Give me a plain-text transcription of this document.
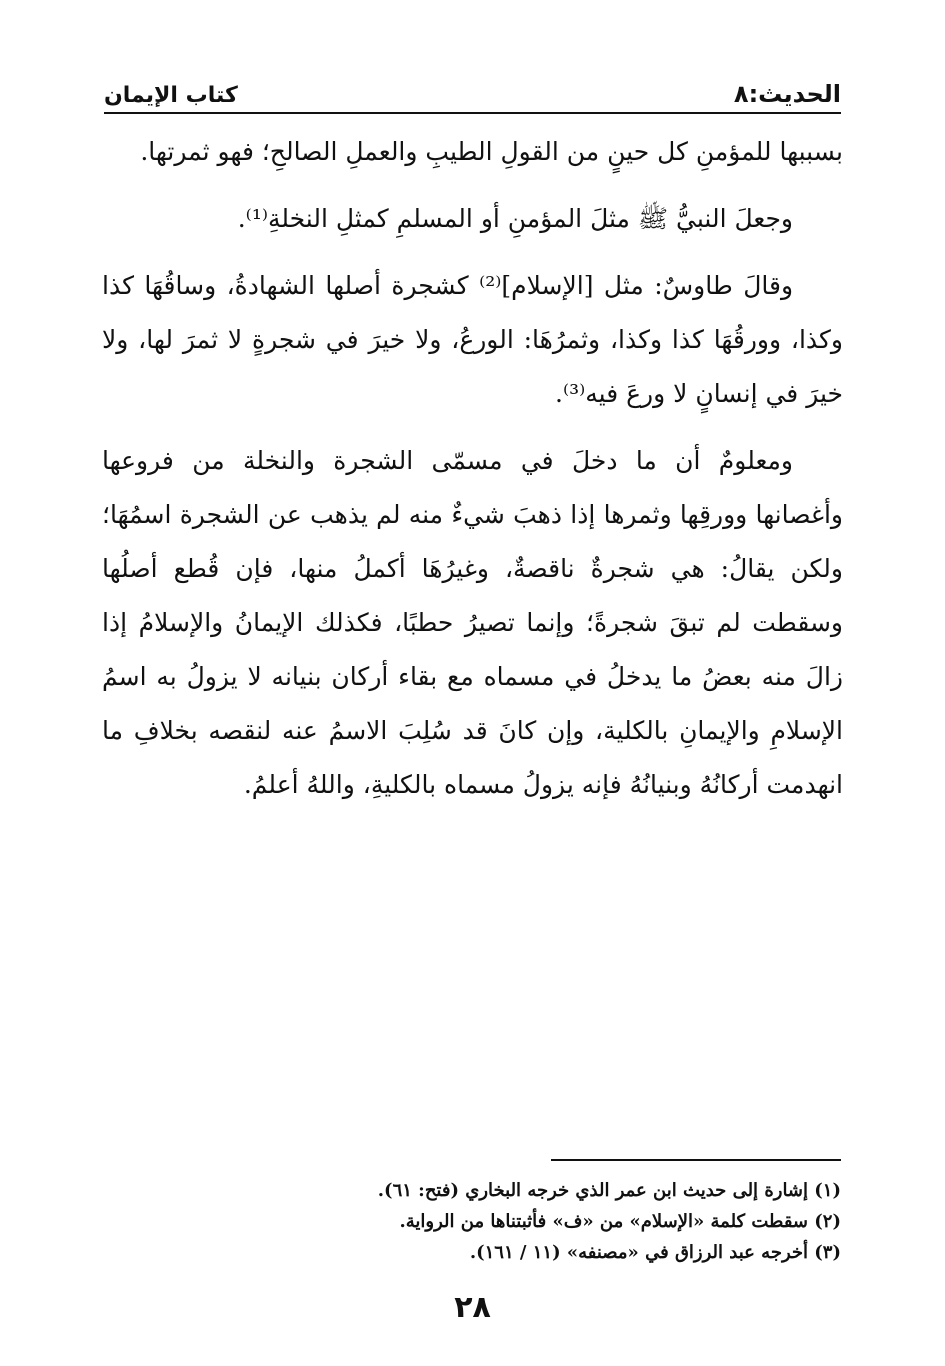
الحديث:٨
كتاب الإيمان

بسببها للمؤمنِ كل حينٍ من القولِ الطيبِ والعملِ الصالحِ؛ فهو ثمرتها.

وجعلَ النبيُّ ﷺ مثلَ المؤمنِ أو المسلمِ كمثلِ النخلةِ⁽¹⁾.

وقالَ طاوسٌ: مثل [الإسلام]⁽²⁾ كشجرة أصلها الشهادةُ، وساقُهَا كذا وكذا، وورقُهَا كذا وكذا، وثمرُهَا: الورعُ، ولا خيرَ في شجرةٍ لا ثمرَ لها، ولا خيرَ في إنسانٍ لا ورعَ فيه⁽³⁾.

ومعلومٌ أن ما دخلَ في مسمّى الشجرة والنخلة من فروعها وأغصانها وورقِها وثمرها إذا ذهبَ شيءٌ منه لم يذهب عن الشجرة اسمُهَا؛ ولكن يقالُ: هي شجرةٌ ناقصةٌ، وغيرُهَا أكملُ منها، فإن قُطع أصلُها وسقطت لم تبقَ شجرةً؛ وإنما تصيرُ حطبًا، فكذلك الإيمانُ والإسلامُ إذا زالَ منه بعضُ ما يدخلُ في مسماه مع بقاء أركان بنيانه لا يزولُ به اسمُ الإسلامِ والإيمانِ بالكلية، وإن كانَ قد سُلِبَ الاسمُ عنه لنقصه بخلافِ ما انهدمت أركانُهُ وبنيانُهُ فإنه يزولُ مسماه بالكليةِ، واللهُ أعلمُ.

(١) إشارة إلى حديث ابن عمر الذي خرجه البخاري (فتح: ٦١).
(٢) سقطت كلمة «الإسلام» من «ف» فأثبتناها من الرواية.
(٣) أخرجه عبد الرزاق في «مصنفه» (١١ / ١٦١).
٢٨
